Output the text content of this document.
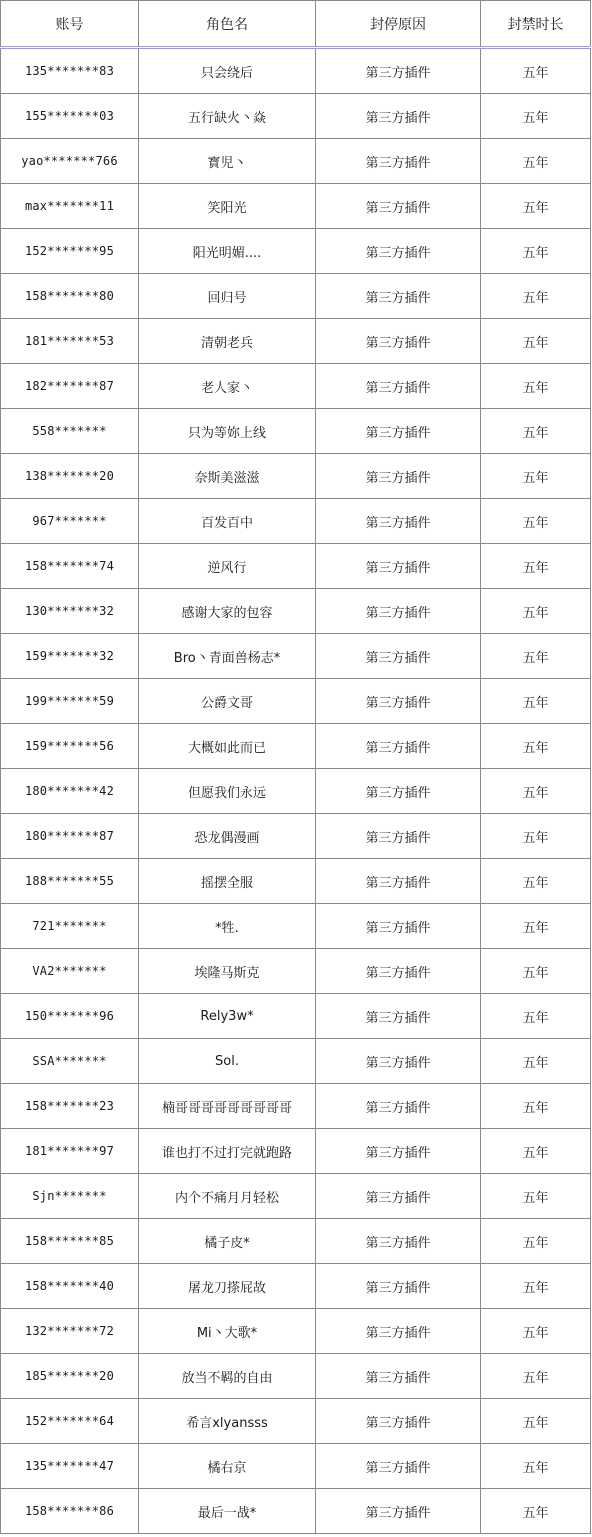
账号	角色名	封停原因	封禁时长
135*******83	只会绕后	第三方插件	五年
155*******03	五行缺火丶焱	第三方插件	五年
yao*******766	寳児丶	第三方插件	五年
max*******11	笑阳光	第三方插件	五年
152*******95	阳光明媚....	第三方插件	五年
158*******80	回归号	第三方插件	五年
181*******53	清朝老兵	第三方插件	五年
182*******87	老人家丶	第三方插件	五年
558*******	只为等妳上线	第三方插件	五年
138*******20	奈斯美滋滋	第三方插件	五年
967*******	百发百中	第三方插件	五年
158*******74	逆风行	第三方插件	五年
130*******32	感谢大家的包容	第三方插件	五年
159*******32	Bro丶青面兽杨志*	第三方插件	五年
199*******59	公爵文哥	第三方插件	五年
159*******56	大概如此而已	第三方插件	五年
180*******42	但愿我们永远	第三方插件	五年
180*******87	恐龙偶漫画	第三方插件	五年
188*******55	摇摆全服	第三方插件	五年
721*******	*牲.	第三方插件	五年
VA2*******	埃隆马斯克	第三方插件	五年
150*******96	Rely3w*	第三方插件	五年
SSA*******	Sol.	第三方插件	五年
158*******23	楠哥哥哥哥哥哥哥哥哥	第三方插件	五年
181*******97	谁也打不过打完就跑路	第三方插件	五年
Sjn*******	内个不痛月月轻松	第三方插件	五年
158*******85	橘子皮*	第三方插件	五年
158*******40	屠龙刀搽屁故	第三方插件	五年
132*******72	Mi丶大歌*	第三方插件	五年
185*******20	放当不羁的自由	第三方插件	五年
152*******64	希言xlyansss	第三方插件	五年
135*******47	橘右京	第三方插件	五年
158*******86	最后一战*	第三方插件	五年
